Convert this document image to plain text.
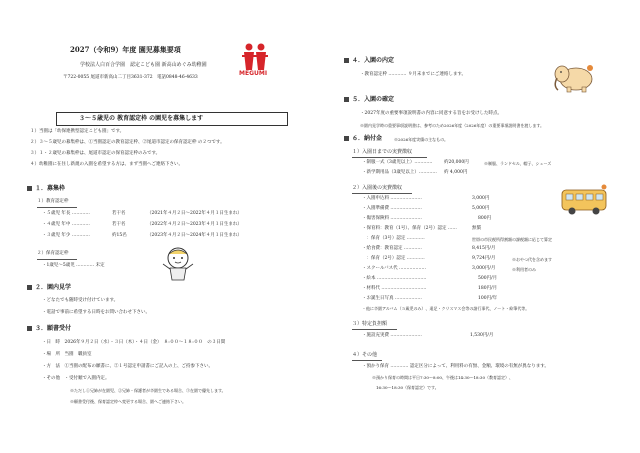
2027（令和9）年度 園児募集要項
学校法人白百合学園　認定こども園 新高山めぐみ幼稚園
〒722-0055 尾道市新高山二丁目3631-372　電話0848-46-4633
MEGUMI
３～５歳児の 教育認定枠 の園児を募集します
１）当園は「幼保連携型認定こども園」です。
２）３～５歳児の募集枠は、①当園認定の教育認定枠、②尾道市認定の保育認定枠 の２つです。
３）１・２歳児の募集枠は、尾道市認定の保育認定枠のみです。
４）幼稚園に在住し新規の入園を希望する方は、まず当園へご連絡下さい。
１．募集枠
１）教育認定枠
・５歳児 年長 …………	若干名	（2021年４月２日～2022年４月１日生まれ）
・４歳児 年中 …………	若干名	（2022年４月２日～2023年４月１日生まれ）
・３歳児 年少 …………	約15名	（2023年４月２日～2024年４月１日生まれ）
２）保育認定枠
・1歳児～5歳児 ………… 未定
２．園内見学
・どなたでも随時受け付けています。
・電話で事前に希望する日時をお問い合わせ下さい。
３．願書受付
・日　時　2026年９月２日（水）・３日（木）・４日（金）　８:００～１８:００　の３日間
・場　所　当園　職員室
・方　法　①当園の配布の願書に、②１号認定申請書にご記入の上、ご持参下さい。
・その他　・受付順で入園内定。
※ただし①兄姉が在園児、②兄姉・保護者が卒園生である場合、③在園で優先します。
※願書受付後、保育認定枠へ変更する場合、園へご連絡下さい。
４．入園の内定
・教育認定枠 ………… ９月末までにご連絡します。
５．入園の確定
・2027年度の重要事項説明書の内容に同意する旨をお受けした時点。
※園内見学時の重要事項説明書は、参考のため2026年度（2026年度）の重要事項説明書を渡します。
６．納付金	※2026年度実績の主なもの。
１）入園日までの実費徴収
・制服一式（3歳児以上）…………	約20,000円	※制服、ランドセル、帽子、シューズ
・新学期用品（3歳児以上）………… 約 4,000円
２）入園後の実費徴収
・入園申込料 …………………	3,000円
・入園準備費 …………………	5,000円
・傷害保険料 …………………	800円
・保育料：教育（1号）、保育（2号）認定 ……	無償
　：保育（3号）認定 …………	世帯の市民税所得割額の課税額に応じて算定
・給食費：教育認定 …………	8,415円/月
　：保育（2号）認定 …………	9,724円/月	※おやつ代を含めます
・スクールバス代 ………………	3,000円/月	※利用者のみ
・絵本 ……………………………	500円/月
・材料代 …………………………	180円/月
・お誕生日写真 ………………	100円/年
・他に卒園アルバム（５歳児のみ）、遠足・クリスマス会等の諸行事代、ノート・絵筆代等。
３）特定負担額
・施設充実費 …………………	1,530円/月
４）その他
・預かり保育 ………… 認定区分によって、利用料の有無、金額、環境の有無が異なります。
　※預かり保育の時間は平日7:30～8:00、午後は14:30～18:30（教育認定）、
　　16:30～18:30（保育認定）です。
